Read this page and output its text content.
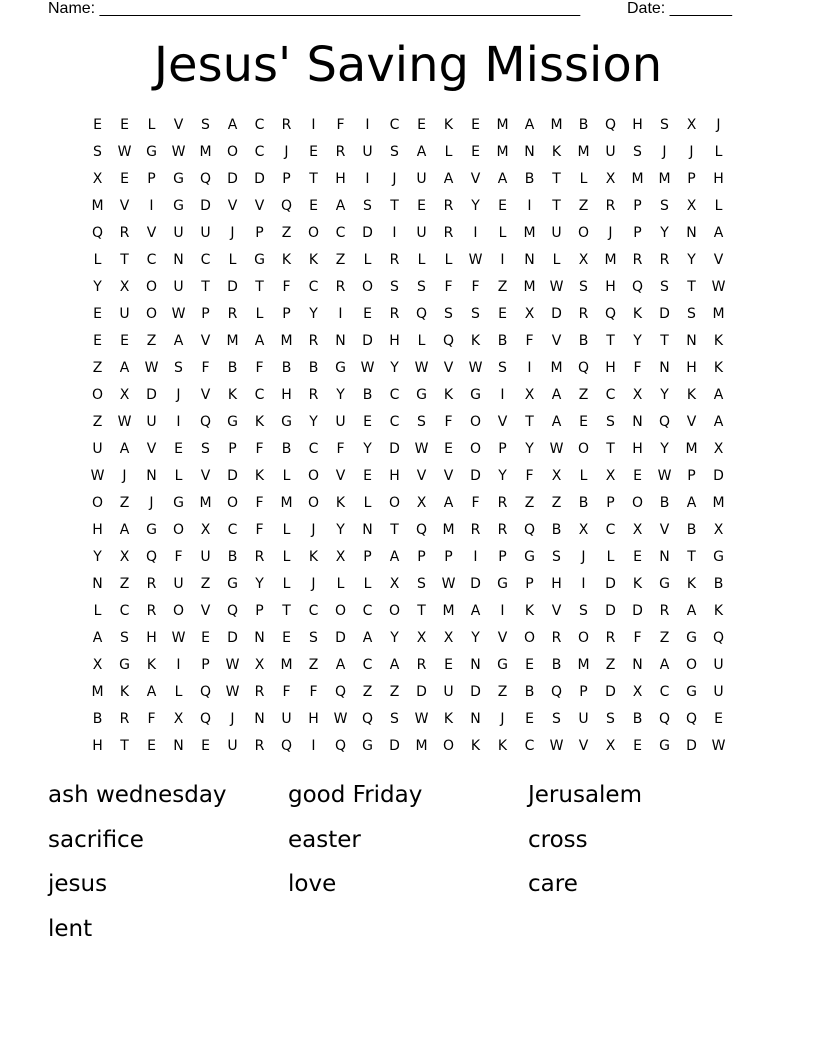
Name: ______________________________________________________	Date: _______
Jesus' Saving Mission
E	E	L	V	S	A	C	R	I	F	I	C	E	K	E	M	A	M	B	Q	H	S	X	J
S	W	G	W	M	O	C	J	E	R	U	S	A	L	E	M	N	K	M	U	S	J	J	L
X	E	P	G	Q	D	D	P	T	H	I	J	U	A	V	A	B	T	L	X	M	M	P	H
M	V	I	G	D	V	V	Q	E	A	S	T	E	R	Y	E	I	T	Z	R	P	S	X	L
Q	R	V	U	U	J	P	Z	O	C	D	I	U	R	I	L	M	U	O	J	P	Y	N	A
L	T	C	N	C	L	G	K	K	Z	L	R	L	L	W	I	N	L	X	M	R	R	Y	V
Y	X	O	U	T	D	T	F	C	R	O	S	S	F	F	Z	M	W	S	H	Q	S	T	W
E	U	O	W	P	R	L	P	Y	I	E	R	Q	S	S	E	X	D	R	Q	K	D	S	M
E	E	Z	A	V	M	A	M	R	N	D	H	L	Q	K	B	F	V	B	T	Y	T	N	K
Z	A	W	S	F	B	F	B	B	G	W	Y	W	V	W	S	I	M	Q	H	F	N	H	K
O	X	D	J	V	K	C	H	R	Y	B	C	G	K	G	I	X	A	Z	C	X	Y	K	A
Z	W	U	I	Q	G	K	G	Y	U	E	C	S	F	O	V	T	A	E	S	N	Q	V	A
U	A	V	E	S	P	F	B	C	F	Y	D	W	E	O	P	Y	W	O	T	H	Y	M	X
W	J	N	L	V	D	K	L	O	V	E	H	V	V	D	Y	F	X	L	X	E	W	P	D
O	Z	J	G	M	O	F	M	O	K	L	O	X	A	F	R	Z	Z	B	P	O	B	A	M
H	A	G	O	X	C	F	L	J	Y	N	T	Q	M	R	R	Q	B	X	C	X	V	B	X
Y	X	Q	F	U	B	R	L	K	X	P	A	P	P	I	P	G	S	J	L	E	N	T	G
N	Z	R	U	Z	G	Y	L	J	L	L	X	S	W	D	G	P	H	I	D	K	G	K	B
L	C	R	O	V	Q	P	T	C	O	C	O	T	M	A	I	K	V	S	D	D	R	A	K
A	S	H	W	E	D	N	E	S	D	A	Y	X	X	Y	V	O	R	O	R	F	Z	G	Q
X	G	K	I	P	W	X	M	Z	A	C	A	R	E	N	G	E	B	M	Z	N	A	O	U
M	K	A	L	Q	W	R	F	F	Q	Z	Z	D	U	D	Z	B	Q	P	D	X	C	G	U
B	R	F	X	Q	J	N	U	H	W	Q	S	W	K	N	J	E	S	U	S	B	Q	Q	E
H	T	E	N	E	U	R	Q	I	Q	G	D	M	O	K	K	C	W	V	X	E	G	D	W
ash wednesday	good Friday	Jerusalem
sacrifice	easter	cross
jesus	love	care
lent
